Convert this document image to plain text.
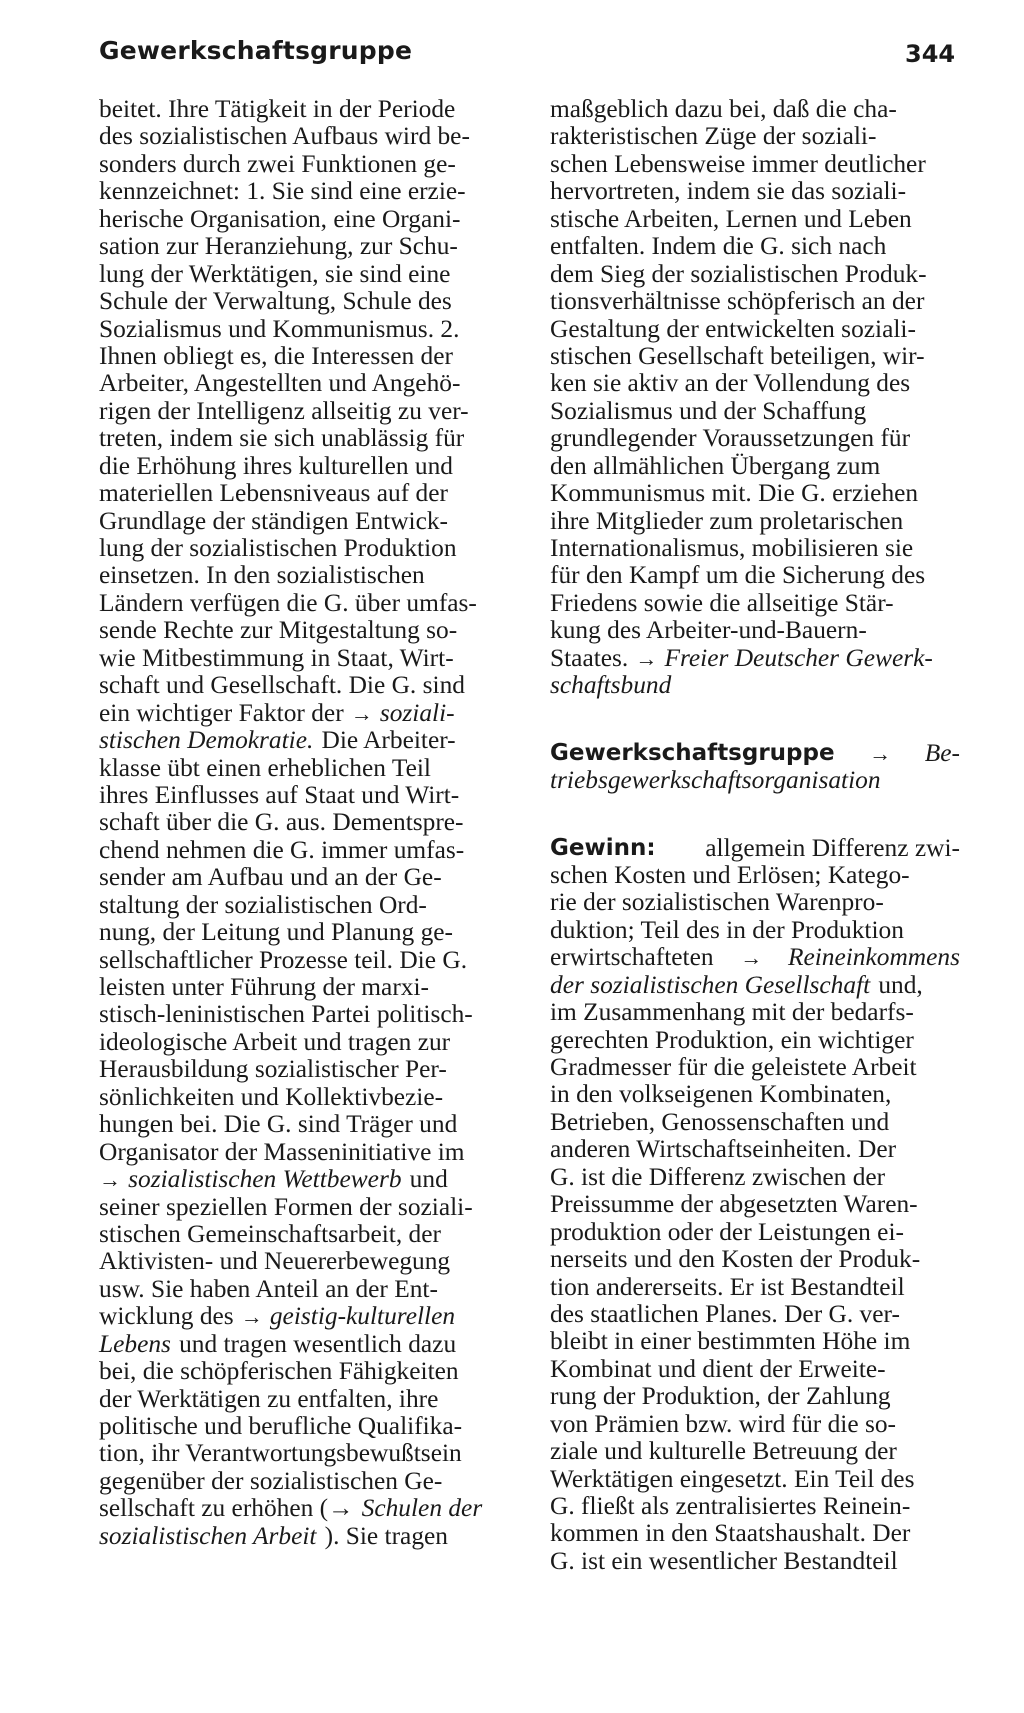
Gewerkschaftsgruppe	344
beitet. Ihre Tätigkeit in der Periode
des sozialistischen Aufbaus wird be-
sonders durch zwei Funktionen ge-
kennzeichnet: 1. Sie sind eine erzie-
herische Organisation, eine Organi-
sation zur Heranziehung, zur Schu-
lung der Werktätigen, sie sind eine
Schule der Verwaltung, Schule des
Sozialismus und Kommunismus. 2.
Ihnen obliegt es, die Interessen der
Arbeiter, Angestellten und Angehö-
rigen der Intelligenz allseitig zu ver-
treten, indem sie sich unablässig für
die Erhöhung ihres kulturellen und
materiellen Lebensniveaus auf der
Grundlage der ständigen Entwick-
lung der sozialistischen Produktion
einsetzen. In den sozialistischen
Ländern verfügen die G. über umfas-
sende Rechte zur Mitgestaltung so-
wie Mitbestimmung in Staat, Wirt-
schaft und Gesellschaft. Die G. sind
ein wichtiger Faktor der → soziali-
stischen Demokratie. Die Arbeiter-
klasse übt einen erheblichen Teil
ihres Einflusses auf Staat und Wirt-
schaft über die G. aus. Dementspre-
chend nehmen die G. immer umfas-
sender am Aufbau und an der Ge-
staltung der sozialistischen Ord-
nung, der Leitung und Planung ge-
sellschaftlicher Prozesse teil. Die G.
leisten unter Führung der marxi-
stisch-leninistischen Partei politisch-
ideologische Arbeit und tragen zur
Herausbildung sozialistischer Per-
sönlichkeiten und Kollektivbezie-
hungen bei. Die G. sind Träger und
Organisator der Masseninitiative im
→ sozialistischen Wettbewerb und
seiner speziellen Formen der soziali-
stischen Gemeinschaftsarbeit, der
Aktivisten- und Neuererbewegung
usw. Sie haben Anteil an der Ent-
wicklung des → geistig-kulturellen
Lebens und tragen wesentlich dazu
bei, die schöpferischen Fähigkeiten
der Werktätigen zu entfalten, ihre
politische und berufliche Qualifika-
tion, ihr Verantwortungsbewußtsein
gegenüber der sozialistischen Ge-
sellschaft zu erhöhen (→ Schulen der
sozialistischen Arbeit ). Sie tragen
maßgeblich dazu bei, daß die cha-
rakteristischen Züge der soziali-
schen Lebensweise immer deutlicher
hervortreten, indem sie das soziali-
stische Arbeiten, Lernen und Leben
entfalten. Indem die G. sich nach
dem Sieg der sozialistischen Produk-
tionsverhältnisse schöpferisch an der
Gestaltung der entwickelten soziali-
stischen Gesellschaft beteiligen, wir-
ken sie aktiv an der Vollendung des
Sozialismus und der Schaffung
grundlegender Voraussetzungen für
den allmählichen Übergang zum
Kommunismus mit. Die G. erziehen
ihre Mitglieder zum proletarischen
Internationalismus, mobilisieren sie
für den Kampf um die Sicherung des
Friedens sowie die allseitige Stär-
kung des Arbeiter-und-Bauern-
Staates. → Freier Deutscher Gewerk-
schaftsbund
Gewerkschaftsgruppe → Be-
triebsgewerkschaftsorganisation
Gewinn: allgemein Differenz zwi-
schen Kosten und Erlösen; Katego-
rie der sozialistischen Warenpro-
duktion; Teil des in der Produktion
erwirtschafteten → Reineinkommens
der sozialistischen Gesellschaft und,
im Zusammenhang mit der bedarfs-
gerechten Produktion, ein wichtiger
Gradmesser für die geleistete Arbeit
in den volkseigenen Kombinaten,
Betrieben, Genossenschaften und
anderen Wirtschaftseinheiten. Der
G. ist die Differenz zwischen der
Preissumme der abgesetzten Waren-
produktion oder der Leistungen ei-
nerseits und den Kosten der Produk-
tion andererseits. Er ist Bestandteil
des staatlichen Planes. Der G. ver-
bleibt in einer bestimmten Höhe im
Kombinat und dient der Erweite-
rung der Produktion, der Zahlung
von Prämien bzw. wird für die so-
ziale und kulturelle Betreuung der
Werktätigen eingesetzt. Ein Teil des
G. fließt als zentralisiertes Reinein-
kommen in den Staatshaushalt. Der
G. ist ein wesentlicher Bestandteil
